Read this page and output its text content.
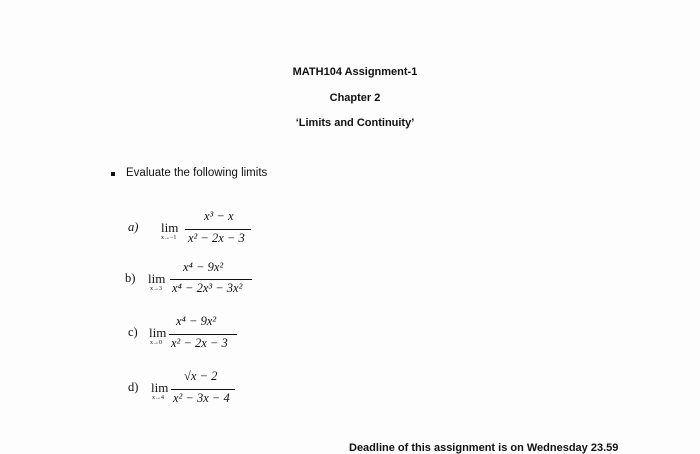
MATH104 Assignment-1
Chapter 2
‘Limits and Continuity’
Evaluate the following limits
a) lim
x→−1
x³ − x
x² − 2x − 3
b) lim
x→3
x⁴ − 9x²
x⁴ − 2x³ − 3x²
c) lim
x→0
x⁴ − 9x²
x² − 2x − 3
d) lim
x→4
√x − 2
x² − 3x − 4
Deadline of this assignment is on Wednesday 23.59
